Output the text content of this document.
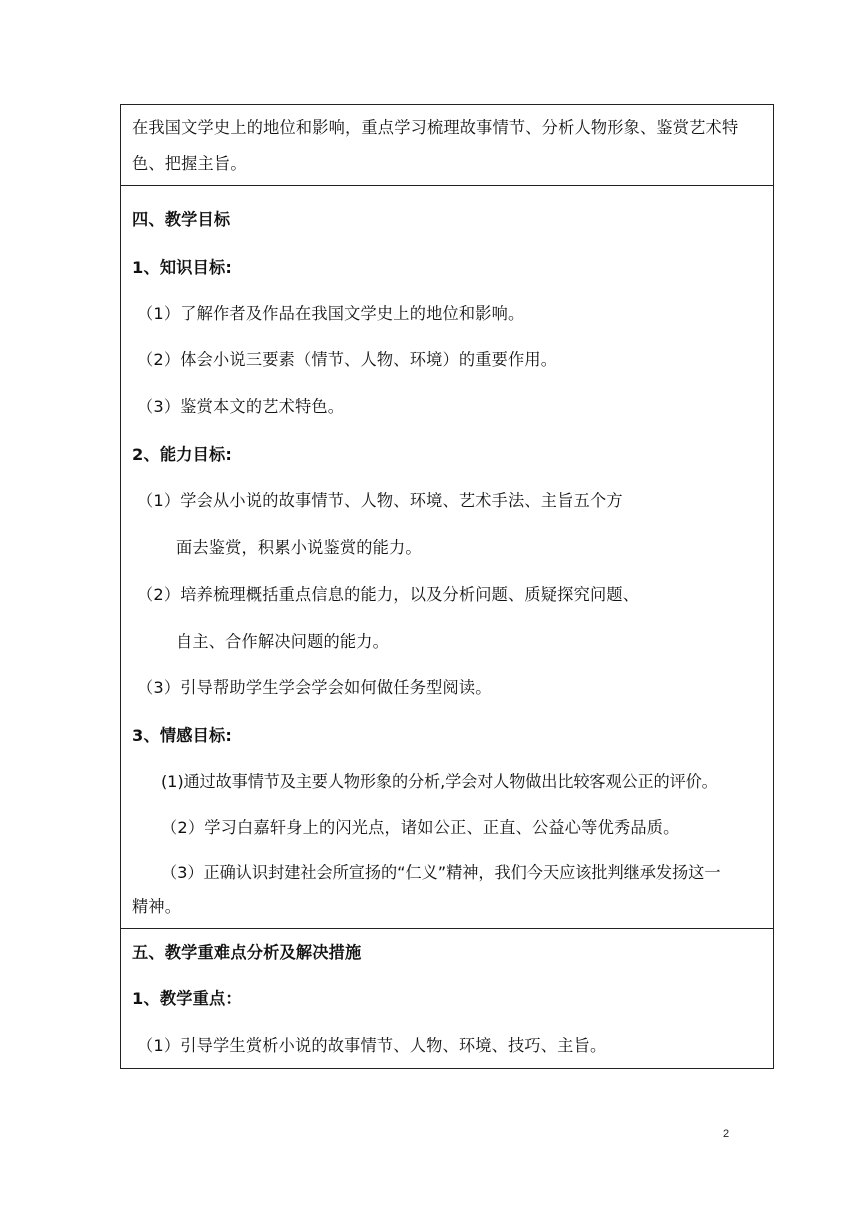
在我国文学史上的地位和影响，重点学习梳理故事情节、分析人物形象、鉴赏艺术特
色、把握主旨。
四、教学目标
1、知识目标:
（1）了解作者及作品在我国文学史上的地位和影响。
（2）体会小说三要素（情节、人物、环境）的重要作用。
（3）鉴赏本文的艺术特色。
2、能力目标:
（1）学会从小说的故事情节、人物、环境、艺术手法、主旨五个方
面去鉴赏，积累小说鉴赏的能力。
（2）培养梳理概括重点信息的能力，以及分析问题、质疑探究问题、
自主、合作解决问题的能力。
（3）引导帮助学生学会学会如何做任务型阅读。
3、情感目标:
(1)通过故事情节及主要人物形象的分析,学会对人物做出比较客观公正的评价。
（2）学习白嘉轩身上的闪光点，诸如公正、正直、公益心等优秀品质。
（3）正确认识封建社会所宣扬的“仁义”精神，我们今天应该批判继承发扬这一
精神。
五、教学重难点分析及解决措施
1、教学重点：
（1）引导学生赏析小说的故事情节、人物、环境、技巧、主旨。
2
